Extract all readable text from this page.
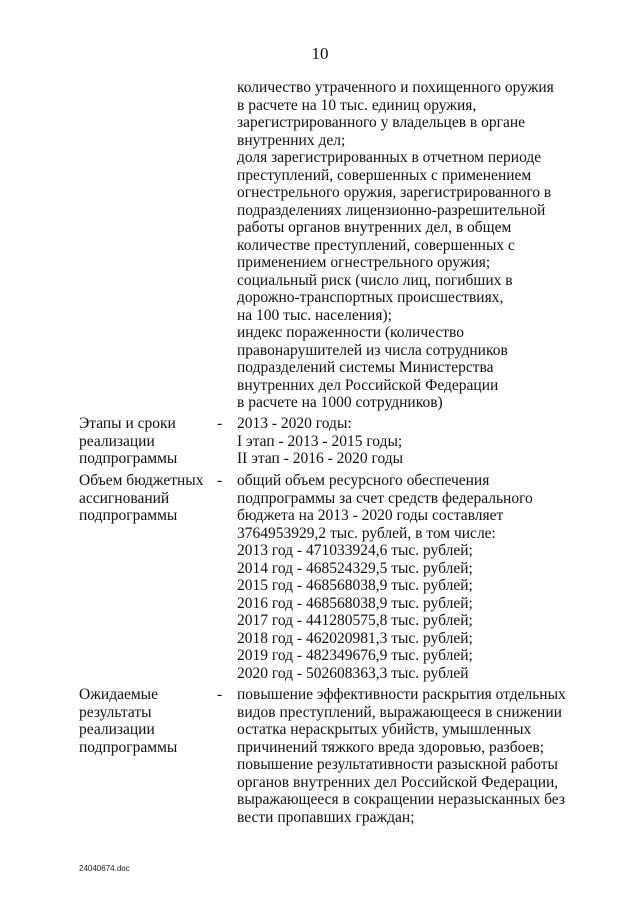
10
количество утраченного и похищенного оружия
в расчете на 10 тыс. единиц оружия,
зарегистрированного у владельцев в органе
внутренних дел;
доля зарегистрированных в отчетном периоде
преступлений, совершенных с применением
огнестрельного оружия, зарегистрированного в
подразделениях лицензионно-разрешительной
работы органов внутренних дел, в общем
количестве преступлений, совершенных с
применением огнестрельного оружия;
социальный риск (число лиц, погибших в
дорожно-транспортных происшествиях,
на 100 тыс. населения);
индекс пораженности (количество
правонарушителей из числа сотрудников
подразделений системы Министерства
внутренних дел Российской Федерации
в расчете на 1000 сотрудников)
Этапы и сроки
реализации
подпрограммы
- 2013 - 2020 годы:
I этап - 2013 - 2015 годы;
II этап - 2016 - 2020 годы
Объем бюджетных
ассигнований
подпрограммы
- общий объем ресурсного обеспечения
подпрограммы за счет средств федерального
бюджета на 2013 - 2020 годы составляет
3764953929,2 тыс. рублей, в том числе:
2013 год - 471033924,6 тыс. рублей;
2014 год - 468524329,5 тыс. рублей;
2015 год - 468568038,9 тыс. рублей;
2016 год - 468568038,9 тыс. рублей;
2017 год - 441280575,8 тыс. рублей;
2018 год - 462020981,3 тыс. рублей;
2019 год - 482349676,9 тыс. рублей;
2020 год - 502608363,3 тыс. рублей
Ожидаемые
результаты
реализации
подпрограммы
- повышение эффективности раскрытия отдельных
видов преступлений, выражающееся в снижении
остатка нераскрытых убийств, умышленных
причинений тяжкого вреда здоровью, разбоев;
повышение результативности разыскной работы
органов внутренних дел Российской Федерации,
выражающееся в сокращении неразысканных без
вести пропавших граждан;
24040674.doc
